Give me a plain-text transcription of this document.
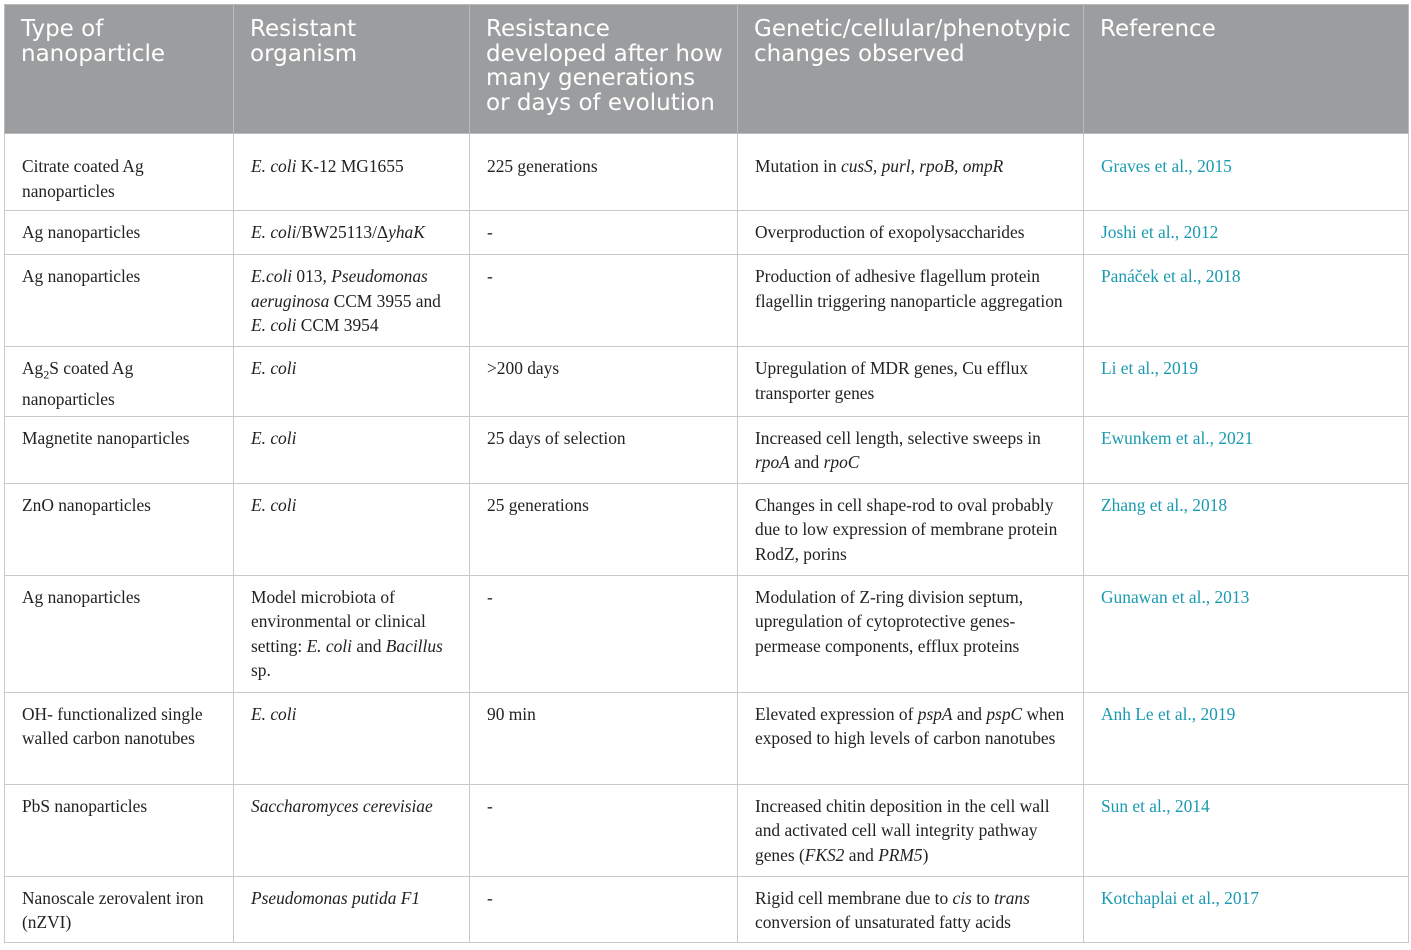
Type of nanoparticle	Resistant organism	Resistance developed after how many generations or days of evolution	Genetic/cellular/phenotypic changes observed	Reference
Citrate coated Ag nanoparticles	E. coli K-12 MG1655	225 generations	Mutation in cusS, purl, rpoB, ompR	Graves et al., 2015
Ag nanoparticles	E. coli/BW25113/ΔyhaK	-	Overproduction of exopolysaccharides	Joshi et al., 2012
Ag nanoparticles	E.coli 013, Pseudomonas aeruginosa CCM 3955 and E. coli CCM 3954	-	Production of adhesive flagellum protein flagellin triggering nanoparticle aggregation	Panáček et al., 2018
$Ag_2S$ coated Ag nanoparticles	E. coli	>200 days	Upregulation of MDR genes, Cu efflux transporter genes	Li et al., 2019
Magnetite nanoparticles	E. coli	25 days of selection	Increased cell length, selective sweeps in rpoA and rpoC	Ewunkem et al., 2021
ZnO nanoparticles	E. coli	25 generations	Changes in cell shape-rod to oval probably due to low expression of membrane protein RodZ, porins	Zhang et al., 2018
Ag nanoparticles	Model microbiota of environmental or clinical setting: E. coli and Bacillus sp.	-	Modulation of Z-ring division septum, upregulation of cytoprotective genes-permease components, efflux proteins	Gunawan et al., 2013
OH- functionalized single walled carbon nanotubes	E. coli	90 min	Elevated expression of pspA and pspC when exposed to high levels of carbon nanotubes	Anh Le et al., 2019
PbS nanoparticles	Saccharomyces cerevisiae	-	Increased chitin deposition in the cell wall and activated cell wall integrity pathway genes (FKS2 and PRM5)	Sun et al., 2014
Nanoscale zerovalent iron (nZVI)	Pseudomonas putida F1	-	Rigid cell membrane due to cis to trans conversion of unsaturated fatty acids	Kotchaplai et al., 2017
